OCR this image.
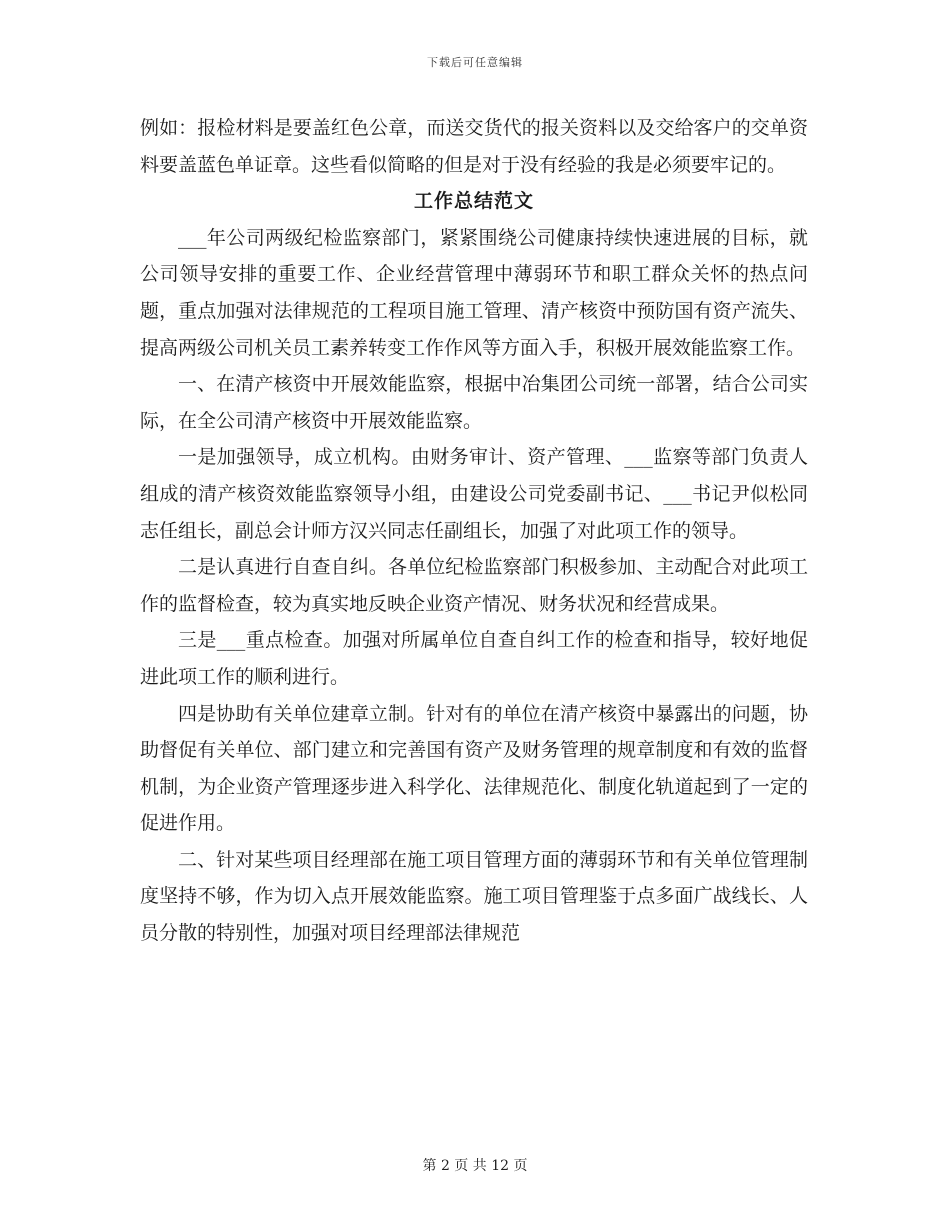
下载后可任意编辑

例如：报检材料是要盖红色公章，而送交货代的报关资料以及交给客户的交单资料要盖蓝色单证章。这些看似简略的但是对于没有经验的我是必须要牢记的。

工作总结范文

___年公司两级纪检监察部门，紧紧围绕公司健康持续快速进展的目标，就公司领导安排的重要工作、企业经营管理中薄弱环节和职工群众关怀的热点问题，重点加强对法律规范的工程项目施工管理、清产核资中预防国有资产流失、提高两级公司机关员工素养转变工作作风等方面入手，积极开展效能监察工作。

一、在清产核资中开展效能监察，根据中冶集团公司统一部署，结合公司实际，在全公司清产核资中开展效能监察。

一是加强领导，成立机构。由财务审计、资产管理、___监察等部门负责人组成的清产核资效能监察领导小组，由建设公司党委副书记、___书记尹似松同志任组长，副总会计师方汉兴同志任副组长，加强了对此项工作的领导。

二是认真进行自查自纠。各单位纪检监察部门积极参加、主动配合对此项工作的监督检查，较为真实地反映企业资产情况、财务状况和经营成果。

三是___重点检查。加强对所属单位自查自纠工作的检查和指导，较好地促进此项工作的顺利进行。

四是协助有关单位建章立制。针对有的单位在清产核资中暴露出的问题，协助督促有关单位、部门建立和完善国有资产及财务管理的规章制度和有效的监督机制，为企业资产管理逐步进入科学化、法律规范化、制度化轨道起到了一定的促进作用。

二、针对某些项目经理部在施工项目管理方面的薄弱环节和有关单位管理制度坚持不够，作为切入点开展效能监察。施工项目管理鉴于点多面广战线长、人员分散的特别性，加强对项目经理部法律规范

第 2 页 共 12 页
